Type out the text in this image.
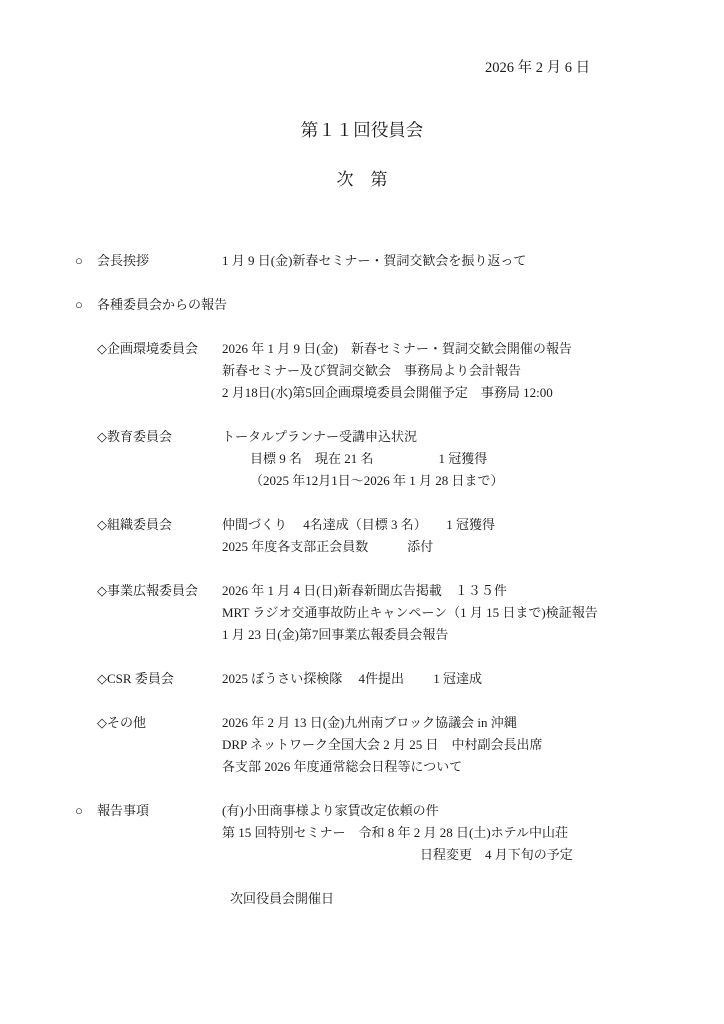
2026 年 2 月 6 日
第１１回役員会
次　第
○	会長挨拶	1 月 9 日(金)新春セミナー・賀詞交歓会を振り返って
○	各種委員会からの報告
◇企画環境委員会	2026 年 1 月 9 日(金)　新春セミナー・賀詞交歓会開催の報告
新春セミナー及び賀詞交歓会　事務局より会計報告
2 月18日(水)第5回企画環境委員会開催予定　事務局 12:00
◇教育委員会	トータルプランナー受講申込状況
目標 9 名　現在 21 名　　　　　1 冠獲得
（2025 年12月1日～2026 年 1 月 28 日まで）
◇組織委員会	仲間づくり　 4名達成（目標 3 名）　　1 冠獲得
2025 年度各支部正会員数　　　添付
◇事業広報委員会	2026 年 1 月 4 日(日)新春新聞広告掲載　１３５件
MRT ラジオ交通事故防止キャンペーン（1 月 15 日まで)検証報告
1 月 23 日(金)第7回事業広報委員会報告
◇CSR 委員会	2025 ぼうさい探検隊　 4件提出　　 1 冠達成
◇その他	2026 年 2 月 13 日(金)九州南ブロック協議会 in 沖縄
DRP ネットワーク全国大会 2 月 25 日　中村副会長出席
各支部 2026 年度通常総会日程等について
○	報告事項	(有)小田商事様より家賃改定依頼の件
第 15 回特別セミナー　令和 8 年 2 月 28 日(土)ホテル中山荘
日程変更　4 月下旬の予定
次回役員会開催日
